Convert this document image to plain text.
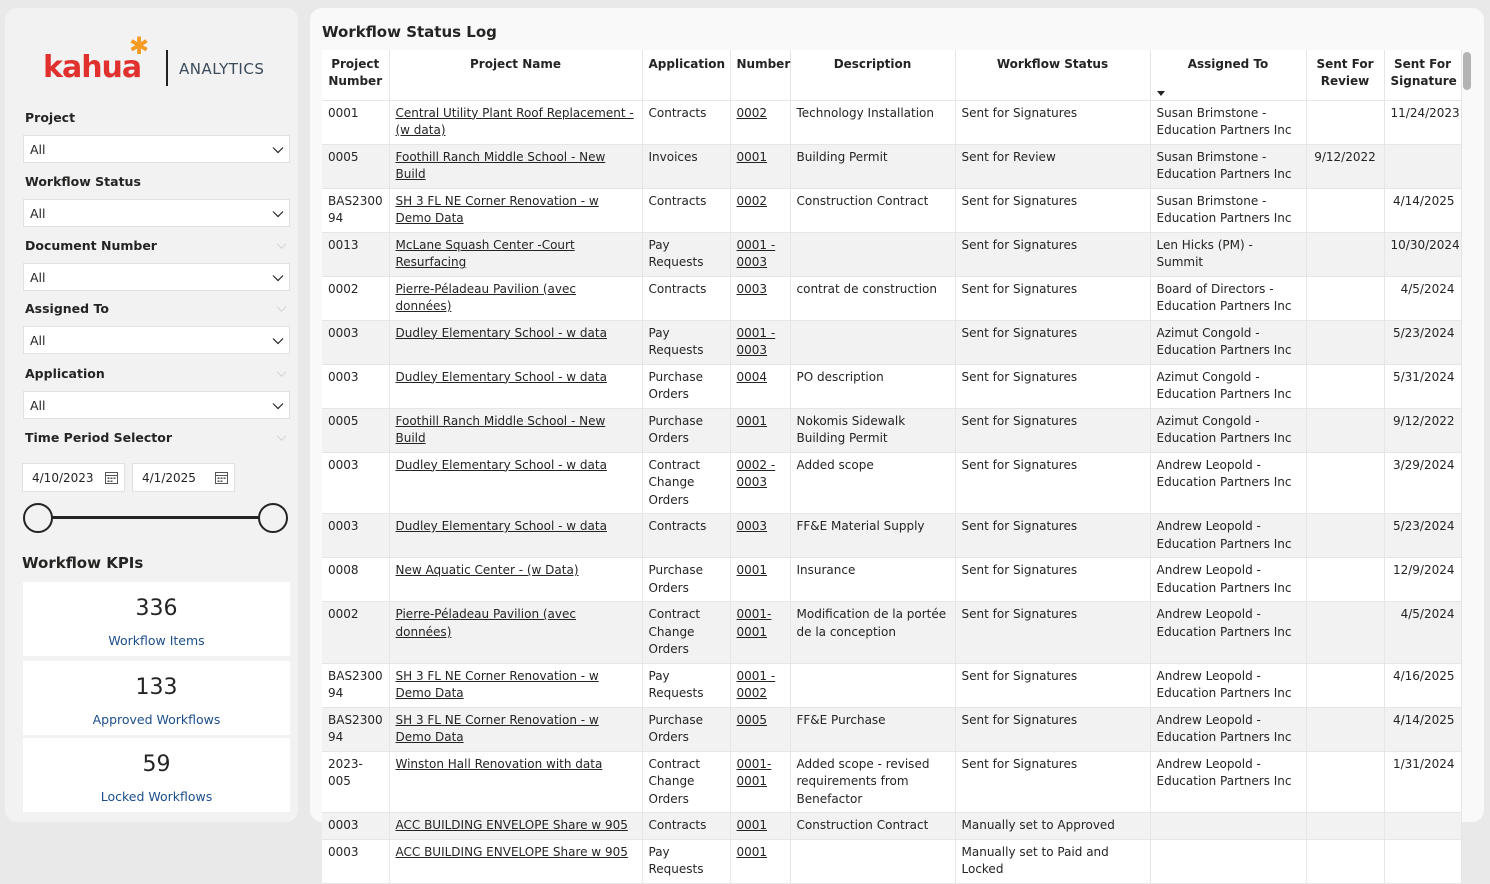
kahua
✱
ANALYTICS
Project
All
Workflow Status
All
Document Number
All
Assigned To
All
Application
All
Time Period Selector
4/10/2023	4/1/2025
Workflow KPIs
336
Workflow Items
133
Approved Workflows
59
Locked Workflows
Workflow Status Log
Project Number	Project Name	Application	Number	Description	Workflow Status	Assigned To	Sent For Review	Sent For Signature
0001	Central Utility Plant Roof Replacement - (w data)	Contracts	0002	Technology Installation	Sent for Signatures	Susan Brimstone - Education Partners Inc		11/24/2023
0005	Foothill Ranch Middle School - New Build	Invoices	0001	Building Permit	Sent for Review	Susan Brimstone - Education Partners Inc	9/12/2022	
BAS2300 94	SH 3 FL NE Corner Renovation - w Demo Data	Contracts	0002	Construction Contract	Sent for Signatures	Susan Brimstone - Education Partners Inc		4/14/2025
0013	McLane Squash Center -Court Resurfacing	Pay Requests	0001 - 0003		Sent for Signatures	Len Hicks (PM) - Summit		10/30/2024
0002	Pierre-Péladeau Pavilion (avec données)	Contracts	0003	contrat de construction	Sent for Signatures	Board of Directors - Education Partners Inc		4/5/2024
0003	Dudley Elementary School - w data	Pay Requests	0001 - 0003		Sent for Signatures	Azimut Congold - Education Partners Inc		5/23/2024
0003	Dudley Elementary School - w data	Purchase Orders	0004	PO description	Sent for Signatures	Azimut Congold - Education Partners Inc		5/31/2024
0005	Foothill Ranch Middle School - New Build	Purchase Orders	0001	Nokomis Sidewalk Building Permit	Sent for Signatures	Azimut Congold - Education Partners Inc		9/12/2022
0003	Dudley Elementary School - w data	Contract Change Orders	0002 - 0003	Added scope	Sent for Signatures	Andrew Leopold - Education Partners Inc		3/29/2024
0003	Dudley Elementary School - w data	Contracts	0003	FF&E Material Supply	Sent for Signatures	Andrew Leopold - Education Partners Inc		5/23/2024
0008	New Aquatic Center - (w Data)	Purchase Orders	0001	Insurance	Sent for Signatures	Andrew Leopold - Education Partners Inc		12/9/2024
0002	Pierre-Péladeau Pavilion (avec données)	Contract Change Orders	0001-0001	Modification de la portée de la conception	Sent for Signatures	Andrew Leopold - Education Partners Inc		4/5/2024
BAS2300 94	SH 3 FL NE Corner Renovation - w Demo Data	Pay Requests	0001 - 0002		Sent for Signatures	Andrew Leopold - Education Partners Inc		4/16/2025
BAS2300 94	SH 3 FL NE Corner Renovation - w Demo Data	Purchase Orders	0005	FF&E Purchase	Sent for Signatures	Andrew Leopold - Education Partners Inc		4/14/2025
2023-005	Winston Hall Renovation with data	Contract Change Orders	0001-0001	Added scope - revised requirements from Benefactor	Sent for Signatures	Andrew Leopold - Education Partners Inc		1/31/2024
0003	ACC BUILDING ENVELOPE Share w 905	Contracts	0001	Construction Contract	Manually set to Approved			
0003	ACC BUILDING ENVELOPE Share w 905	Pay Requests	0001		Manually set to Paid and Locked			
